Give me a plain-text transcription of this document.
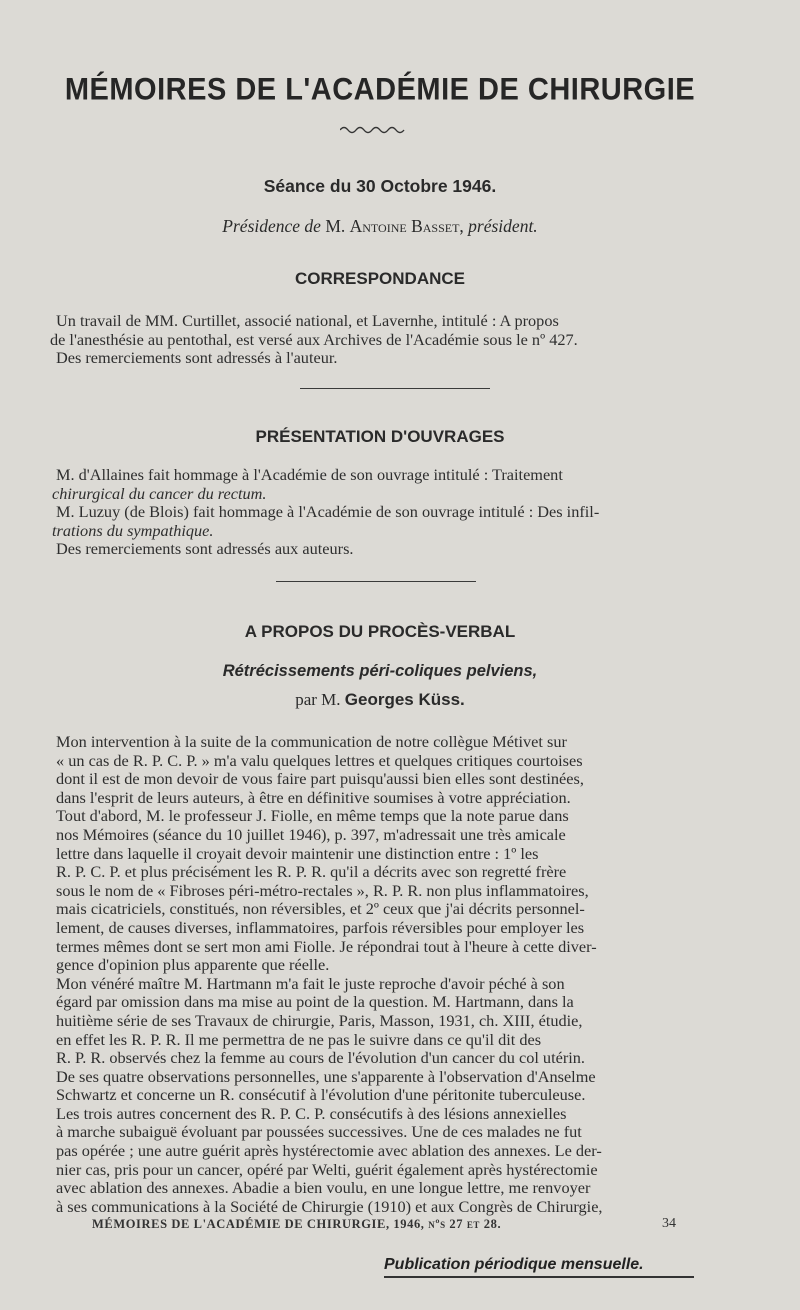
MÉMOIRES DE L'ACADÉMIE DE CHIRURGIE
Séance du 30 Octobre 1946.
Présidence de M. Antoine Basset, président.
CORRESPONDANCE

Un travail de MM. Curtillet, associé national, et Lavernhe, intitulé : A propos

de l'anesthésie au pentothal, est versé aux Archives de l'Académie sous le nº 427.

Des remerciements sont adressés à l'auteur.

PRÉSENTATION D'OUVRAGES

M. d'Allaines fait hommage à l'Académie de son ouvrage intitulé : Traitement

chirurgical du cancer du rectum.

M. Luzuy (de Blois) fait hommage à l'Académie de son ouvrage intitulé : Des infil-

trations du sympathique.

Des remerciements sont adressés aux auteurs.

A PROPOS DU PROCÈS-VERBAL
Rétrécissements péri-coliques pelviens,
par M. Georges Küss.

Mon intervention à la suite de la communication de notre collègue Métivet sur

« un cas de R. P. C. P. » m'a valu quelques lettres et quelques critiques courtoises

dont il est de mon devoir de vous faire part puisqu'aussi bien elles sont destinées,

dans l'esprit de leurs auteurs, à être en définitive soumises à votre appréciation.

Tout d'abord, M. le professeur J. Fiolle, en même temps que la note parue dans

nos Mémoires (séance du 10 juillet 1946), p. 397, m'adressait une très amicale

lettre dans laquelle il croyait devoir maintenir une distinction entre : 1º les

R. P. C. P. et plus précisément les R. P. R. qu'il a décrits avec son regretté frère

sous le nom de « Fibroses péri-métro-rectales », R. P. R. non plus inflammatoires,

mais cicatriciels, constitués, non réversibles, et 2º ceux que j'ai décrits personnel-

lement, de causes diverses, inflammatoires, parfois réversibles pour employer les

termes mêmes dont se sert mon ami Fiolle. Je répondrai tout à l'heure à cette diver-

gence d'opinion plus apparente que réelle.

Mon vénéré maître M. Hartmann m'a fait le juste reproche d'avoir péché à son

égard par omission dans ma mise au point de la question. M. Hartmann, dans la

huitième série de ses Travaux de chirurgie, Paris, Masson, 1931, ch. XIII, étudie,

en effet les R. P. R. Il me permettra de ne pas le suivre dans ce qu'il dit des

R. P. R. observés chez la femme au cours de l'évolution d'un cancer du col utérin.

De ses quatre observations personnelles, une s'apparente à l'observation d'Anselme

Schwartz et concerne un R. consécutif à l'évolution d'une péritonite tuberculeuse.

Les trois autres concernent des R. P. C. P. consécutifs à des lésions annexielles

à marche subaiguë évoluant par poussées successives. Une de ces malades ne fut

pas opérée ; une autre guérit après hystérectomie avec ablation des annexes. Le der-

nier cas, pris pour un cancer, opéré par Welti, guérit également après hystérectomie

avec ablation des annexes. Abadie a bien voulu, en une longue lettre, me renvoyer

à ses communications à la Société de Chirurgie (1910) et aux Congrès de Chirurgie,

MÉMOIRES DE L'ACADÉMIE DE CHIRURGIE, 1946, nºs 27 et 28.	34
Publication périodique mensuelle.
